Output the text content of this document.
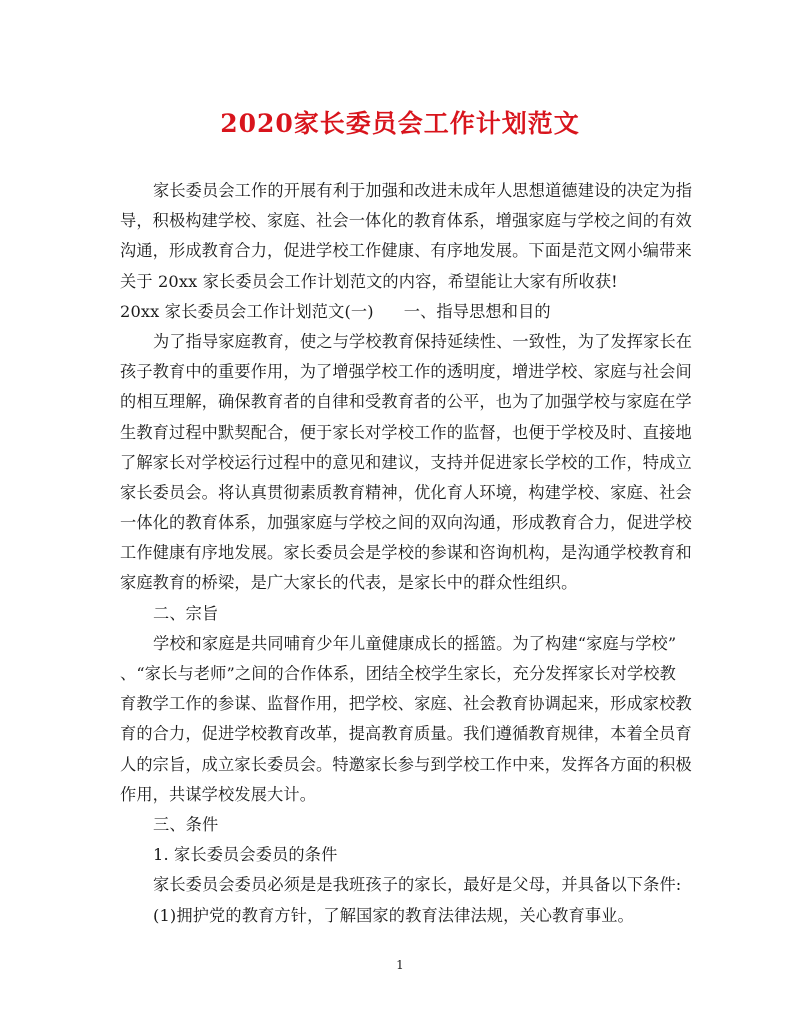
2020家长委员会工作计划范文
家长委员会工作的开展有利于加强和改进未成年人思想道德建设的决定为指
导，积极构建学校、家庭、社会一体化的教育体系，增强家庭与学校之间的有效
沟通，形成教育合力，促进学校工作健康、有序地发展。下面是范文网小编带来
关于 20xx 家长委员会工作计划范文的内容，希望能让大家有所收获!
20xx 家长委员会工作计划范文(一) 一、指导思想和目的
为了指导家庭教育，使之与学校教育保持延续性、一致性，为了发挥家长在
孩子教育中的重要作用，为了增强学校工作的透明度，增进学校、家庭与社会间
的相互理解，确保教育者的自律和受教育者的公平，也为了加强学校与家庭在学
生教育过程中默契配合，便于家长对学校工作的监督，也便于学校及时、直接地
了解家长对学校运行过程中的意见和建议，支持并促进家长学校的工作，特成立
家长委员会。将认真贯彻素质教育精神，优化育人环境，构建学校、家庭、社会
一体化的教育体系，加强家庭与学校之间的双向沟通，形成教育合力，促进学校
工作健康有序地发展。家长委员会是学校的参谋和咨询机构，是沟通学校教育和
家庭教育的桥梁，是广大家长的代表，是家长中的群众性组织。
二、宗旨
学校和家庭是共同哺育少年儿童健康成长的摇篮。为了构建“家庭与学校”
、“家长与老师”之间的合作体系，团结全校学生家长，充分发挥家长对学校教
育教学工作的参谋、监督作用，把学校、家庭、社会教育协调起来，形成家校教
育的合力，促进学校教育改革，提高教育质量。我们遵循教育规律，本着全员育
人的宗旨，成立家长委员会。特邀家长参与到学校工作中来，发挥各方面的积极
作用，共谋学校发展大计。
三、条件
1. 家长委员会委员的条件
家长委员会委员必须是是我班孩子的家长，最好是父母，并具备以下条件:
(1)拥护党的教育方针，了解国家的教育法律法规，关心教育事业。
1
